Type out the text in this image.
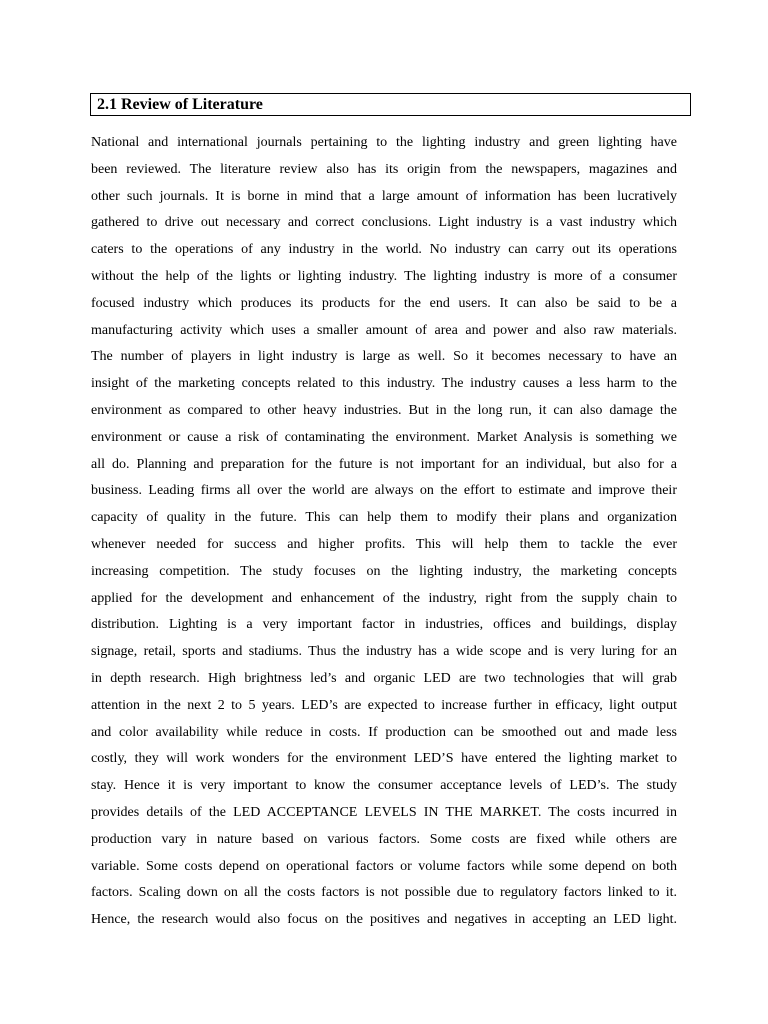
2.1 Review of Literature
National and international journals pertaining to the lighting industry and green lighting have
been reviewed. The literature review also has its origin from the newspapers, magazines and
other such journals. It is borne in mind that a large amount of information has been lucratively
gathered to drive out necessary and correct conclusions. Light industry is a vast industry which
caters to the operations of any industry in the world. No industry can carry out its operations
without the help of the lights or lighting industry. The lighting industry is more of a consumer
focused industry which produces its products for the end users. It can also be said to be a
manufacturing activity which uses a smaller amount of area and power and also raw materials.
The number of players in light industry is large as well. So it becomes necessary to have an
insight of the marketing concepts related to this industry. The industry causes a less harm to the
environment as compared to other heavy industries. But in the long run, it can also damage the
environment or cause a risk of contaminating the environment. Market Analysis is something we
all do. Planning and preparation for the future is not important for an individual, but also for a
business. Leading firms all over the world are always on the effort to estimate and improve their
capacity of quality in the future. This can help them to modify their plans and organization
whenever needed for success and higher profits. This will help them to tackle the ever
increasing competition. The study focuses on the lighting industry, the marketing concepts
applied for the development and enhancement of the industry, right from the supply chain to
distribution. Lighting is a very important factor in industries, offices and buildings, display
signage, retail, sports and stadiums. Thus the industry has a wide scope and is very luring for an
in depth research. High brightness led’s and organic LED are two technologies that will grab
attention in the next 2 to 5 years. LED’s are expected to increase further in efficacy, light output
and color availability while reduce in costs. If production can be smoothed out and made less
costly, they will work wonders for the environment LED’S have entered the lighting market to
stay. Hence it is very important to know the consumer acceptance levels of LED’s. The study
provides details of the LED ACCEPTANCE LEVELS IN THE MARKET. The costs incurred in
production vary in nature based on various factors. Some costs are fixed while others are
variable. Some costs depend on operational factors or volume factors while some depend on both
factors. Scaling down on all the costs factors is not possible due to regulatory factors linked to it.
Hence, the research would also focus on the positives and negatives in accepting an LED light.
